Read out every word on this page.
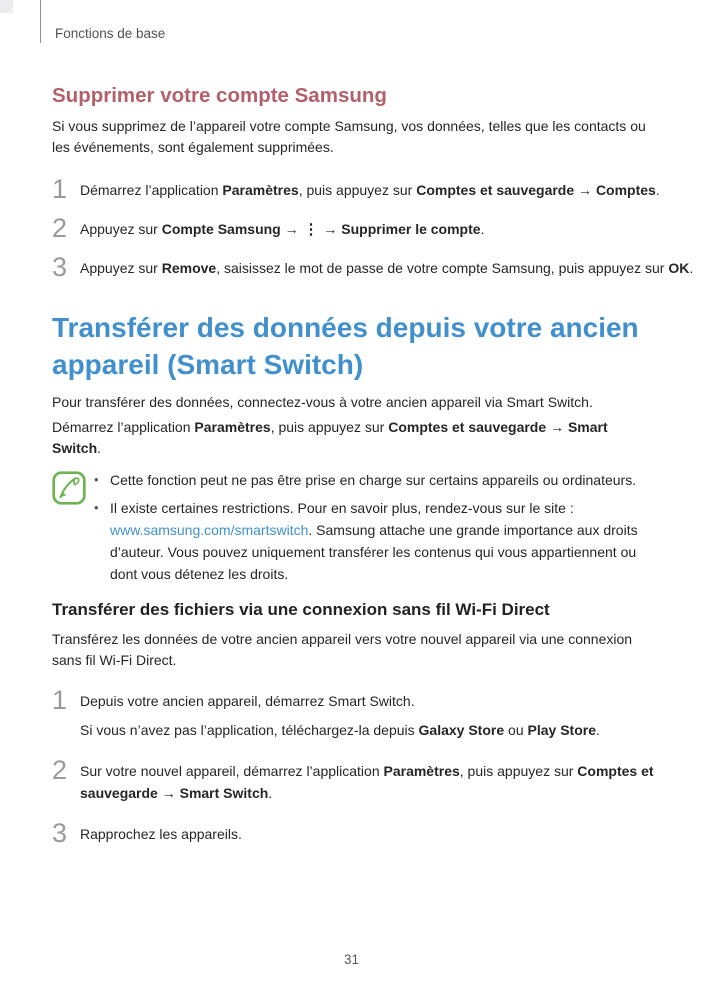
Fonctions de base
Supprimer votre compte Samsung

Si vous supprimez de l’appareil votre compte Samsung, vos données, telles que les contacts ou les événements, sont également supprimées.

1 Démarrez l’application Paramètres, puis appuyez sur Comptes et sauvegarde → Comptes.

2 Appuyez sur Compte Samsung → ⋮ → Supprimer le compte.

3 Appuyez sur Remove, saisissez le mot de passe de votre compte Samsung, puis appuyez sur OK.

Transférer des données depuis votre ancien
appareil (Smart Switch)

Pour transférer des données, connectez-vous à votre ancien appareil via Smart Switch.

Démarrez l’application Paramètres, puis appuyez sur Comptes et sauvegarde → Smart Switch.

• Cette fonction peut ne pas être prise en charge sur certains appareils ou ordinateurs.

• Il existe certaines restrictions. Pour en savoir plus, rendez-vous sur le site : www.samsung.com/smartswitch. Samsung attache une grande importance aux droits d’auteur. Vous pouvez uniquement transférer les contenus qui vous appartiennent ou dont vous détenez les droits.

Transférer des fichiers via une connexion sans fil Wi-Fi Direct

Transférez les données de votre ancien appareil vers votre nouvel appareil via une connexion sans fil Wi-Fi Direct.

1 Depuis votre ancien appareil, démarrez Smart Switch.

Si vous n’avez pas l’application, téléchargez-la depuis Galaxy Store ou Play Store.

2 Sur votre nouvel appareil, démarrez l’application Paramètres, puis appuyez sur Comptes et sauvegarde → Smart Switch.

3 Rapprochez les appareils.

31
